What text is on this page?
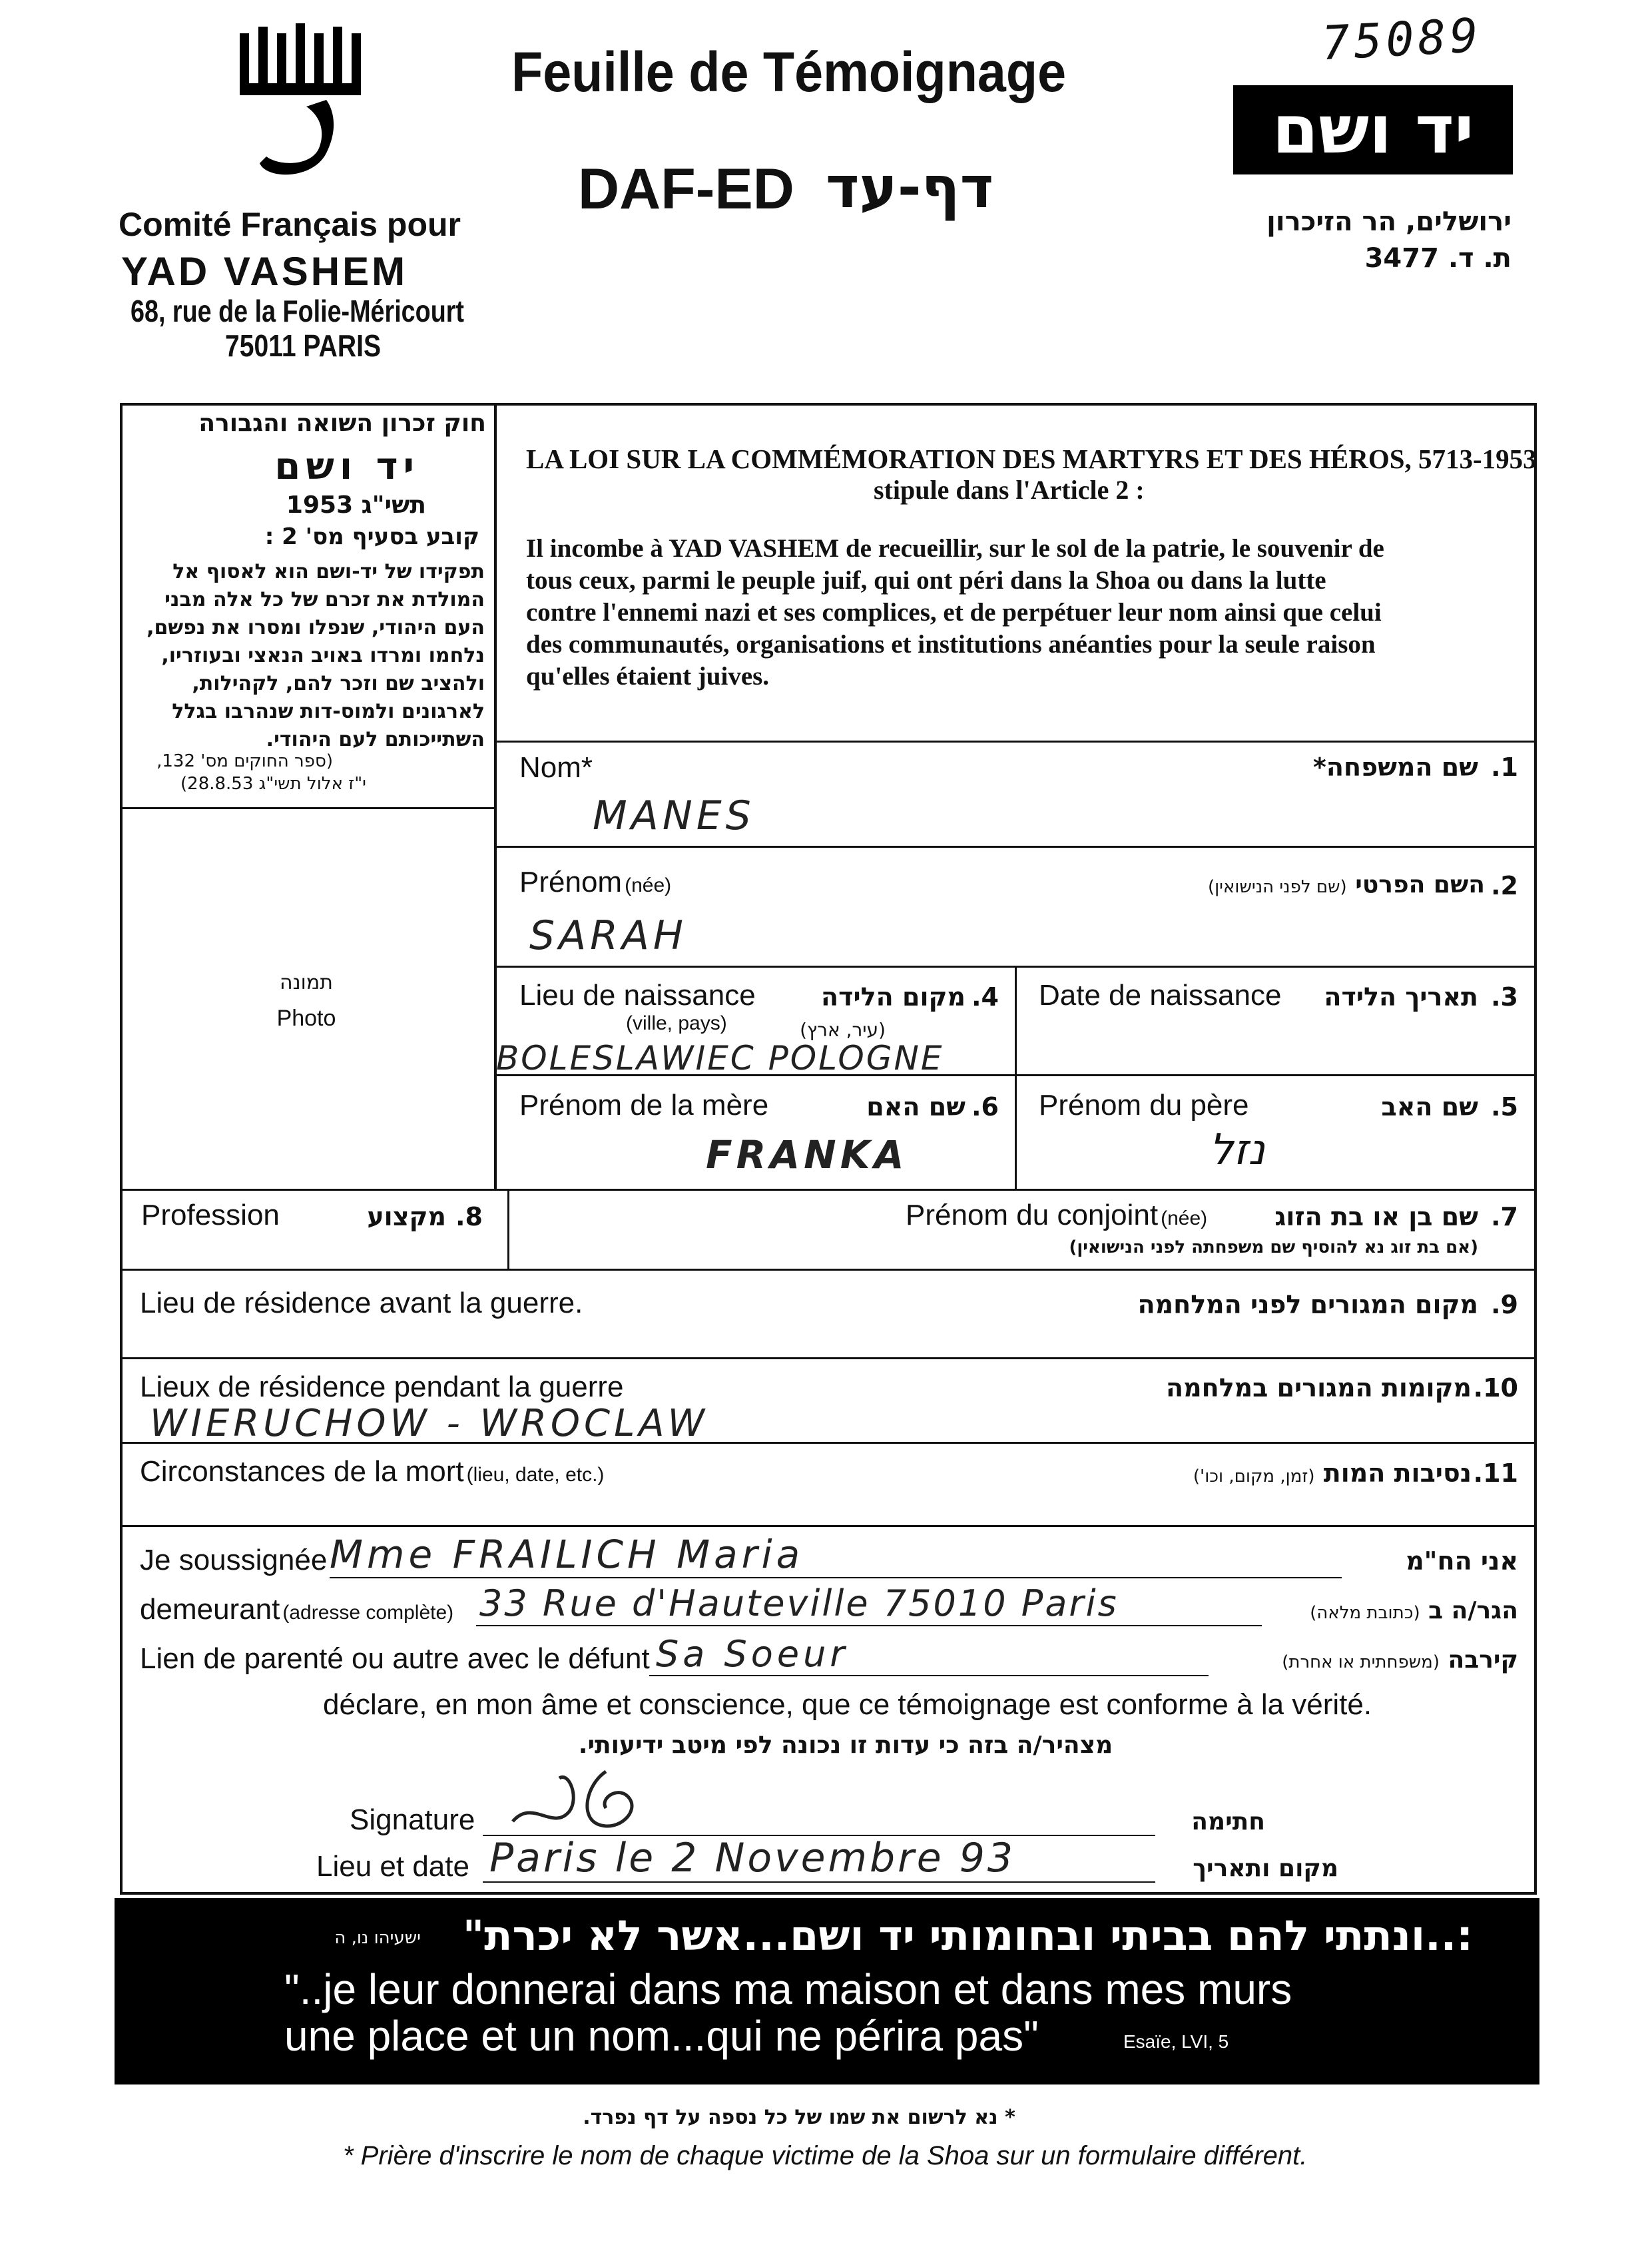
Comité Français pour
YAD VASHEM
68, rue de la Folie-Méricourt
75011 PARIS
Feuille de Témoignage
DAF-ED דף-עד
75089
יד ושם
ירושלים, הר הזיכרון
ת. ד. 3477
חוק זכרון השואה והגבורה
יד ושם
תשי"ג 1953
קובע בסעיף מס' 2 :
תפקידו של יד-ושם הוא לאסוף אל המולדת את זכרם של כל אלה מבני העם היהודי, שנפלו ומסרו את נפשם, נלחמו ומרדו באויב הנאצי ובעוזריו, ולהציב שם וזכר להם, לקהילות, לארגונים ולמוס-דות שנהרבו בגלל השתייכותם לעם היהודי.
(ספר החוקים מס' 132,
י"ז אלול תשי"ג 28.8.53)
תמונה
Photo
LA LOI SUR LA COMMÉMORATION DES MARTYRS ET DES HÉROS, 5713-1953
stipule dans l'Article 2 :
Il incombe à YAD VASHEM de recueillir, sur le sol de la patrie, le souvenir de
tous ceux, parmi le peuple juif, qui ont péri dans la Shoa ou dans la lutte
contre l'ennemi nazi et ses complices, et de perpétuer leur nom ainsi que celui
des communautés, organisations et institutions anéanties pour la seule raison
qu'elles étaient juives.
Nom*	שם המשפחה* 1.
MANES
Prénom (née)	השם הפרטי (שם לפני הנישואין)	2.
SARAH
Lieu de naissance
(ville, pays)
מקום הלידה 4.
(עיר, ארץ)
BOLESLAWIEC POLOGNE
Date de naissance	תאריך הלידה 3.
Prénom de la mère	שם האם 6.
FRANKA
Prénom du père	שם האב 5.
נזל
Profession	מקצוע 8.	Prénom du conjoint (née)	שם בן או בת הזוג 7.
(אם בת זוג נא להוסיף שם משפחתה לפני הנישואין)
Lieu de résidence avant la guerre.	מקום המגורים לפני המלחמה 9.
Lieux de résidence pendant la guerre	מקומות המגורים במלחמה 10.
WIERUCHOW - WROCLAW
Circonstances de la mort (lieu, date, etc.)	נסיבות המות (זמן, מקום, וכו')	11.
Je soussignée Mme FRAILICH Maria	אני הח"מ
demeurant (adresse complète) 33 Rue d'Hauteville 75010 Paris	הגר/ה ב (כתובת מלאה)
Lien de parenté ou autre avec le défunt Sa Soeur	קירבה (משפחתית או אחרת)
déclare, en mon âme et conscience, que ce témoignage est conforme à la vérité.
מצהיר/ה בזה כי עדות זו נכונה לפי מיטב ידיעותי.
Signature	חתימה
Lieu et date Paris le 2 Novembre 93	מקום ותאריך
:..ונתתי להם בביתי ובחומותי יד ושם...אשר לא יכרת"
ישעיהו נו, ה
"..je leur donnerai dans ma maison et dans mes murs
une place et un nom...qui ne périra pas"	Esaïe, LVI, 5
* נא לרשום את שמו של כל נספה על דף נפרד.
* Prière d'inscrire le nom de chaque victime de la Shoa sur un formulaire différent.
